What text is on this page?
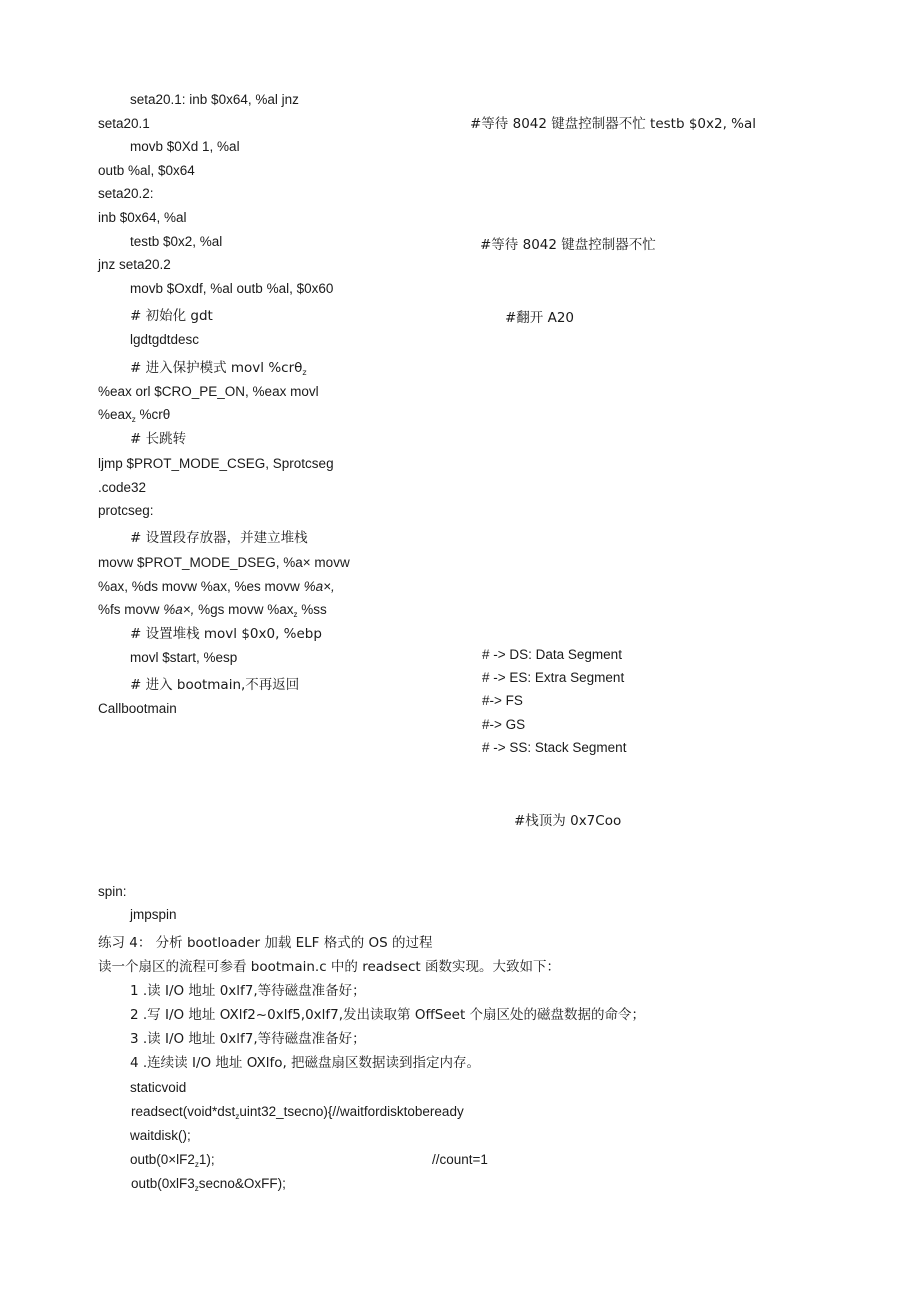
seta20.1: inb $0x64, %al jnz
seta20.1
movb $0Xd 1, %al
outb %al, $0x64
seta20.2:
inb $0x64, %al
testb $0x2, %al
jnz seta20.2
movb $Oxdf, %al outb %al, $0x60
# 初始化 gdt
lgdtgdtdesc
# 进入保护模式 movl %crθ$_z$
%eax orl $CRO_PE_ON, %eax movl
%eax$_z$ %crθ
# 长跳转
ljmp $PROT_MODE_CSEG, Sprotcseg
.code32
protcseg:
# 设置段存放器，并建立堆栈
movw $PROT_MODE_DSEG, %a× movw
%ax, %ds movw %ax, %es movw %a×,
%fs movw %a×, %gs movw $\%ax_z$ %ss
# 设置堆栈 movl $0x0, %ebp
movl $start, %esp
# 进入 bootmain,不再返回
Callbootmain
spin:
jmpspin
#等待 8042 键盘控制器不忙 testb $0x2, %al
#等待 8042 键盘控制器不忙
#翻开 A20
# -> DS: Data Segment
# -> ES: Extra Segment
#-> FS
#-> GS
# -> SS: Stack Segment
#栈顶为 0x7Coo
练习 4： 分析 bootloader 加载 ELF 格式的 OS 的过程
读一个扇区的流程可参看 bootmain.c 中的 readsect 函数实现。大致如下：
1 .读 I/O 地址 0xlf7,等待磁盘准备好；
2 .写 I/O 地址 OXlf2~0xlf5,0xlf7,发出读取第 OffSeet 个扇区处的磁盘数据的命令；
3 .读 I/O 地址 0xlf7,等待磁盘准备好；
4 .连续读 I/O 地址 OXlfo, 把磁盘扇区数据读到指定内存。
staticvoid
readsect(void*dst$_z$uint32_tsecno){//waitfordisktobeready
waitdisk();
$outb(0\times lF2_z1)$;	//count=1
$outb(0xlF3_zsecno\&OxFF)$;
